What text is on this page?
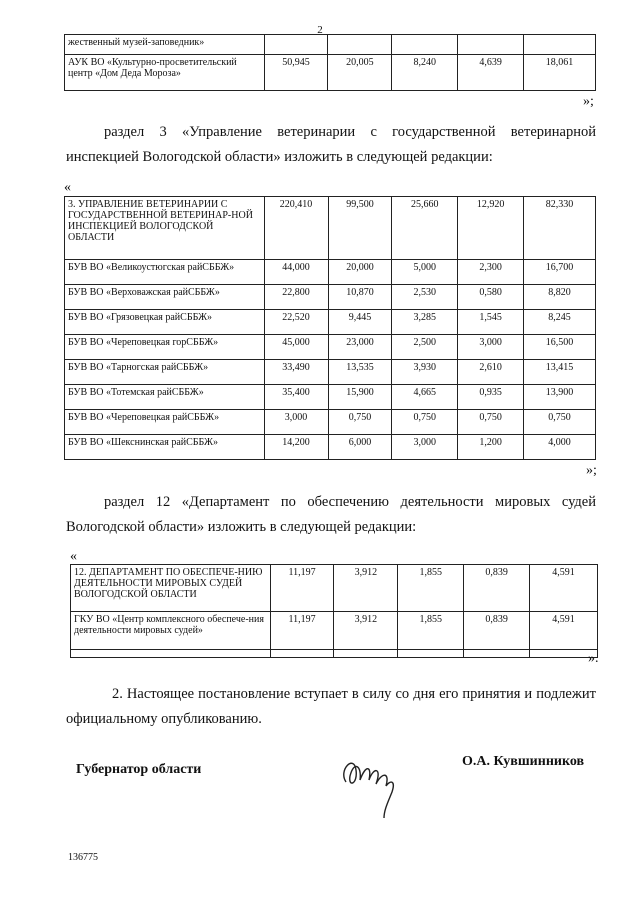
2
жественный музей-заповедник»					
АУК ВО «Культурно-просветительский центр «Дом Деда Мороза»	50,945	20,005	8,240	4,639	18,061
»;
раздел 3 «Управление ветеринарии с государственной ветеринарной инспекцией Вологодской области» изложить в следующей редакции:
«
3. УПРАВЛЕНИЕ ВЕТЕРИНАРИИ С ГОСУДАРСТВЕННОЙ ВЕТЕРИНАР-НОЙ ИНСПЕКЦИЕЙ ВОЛОГОДСКОЙ ОБЛАСТИ	220,410	99,500	25,660	12,920	82,330
БУВ ВО «Великоустюгская райСББЖ»	44,000	20,000	5,000	2,300	16,700
БУВ ВО «Верховажская райСББЖ»	22,800	10,870	2,530	0,580	8,820
БУВ ВО «Грязовецкая райСББЖ»	22,520	9,445	3,285	1,545	8,245
БУВ ВО «Череповецкая горСББЖ»	45,000	23,000	2,500	3,000	16,500
БУВ ВО «Тарногская райСББЖ»	33,490	13,535	3,930	2,610	13,415
БУВ ВО «Тотемская райСББЖ»	35,400	15,900	4,665	0,935	13,900
БУВ ВО «Череповецкая райСББЖ»	3,000	0,750	0,750	0,750	0,750
БУВ ВО «Шекснинская райСББЖ»	14,200	6,000	3,000	1,200	4,000
»;
раздел 12 «Департамент по обеспечению деятельности мировых судей Вологодской области» изложить в следующей редакции:
«
12. ДЕПАРТАМЕНТ ПО ОБЕСПЕЧЕ-НИЮ ДЕЯТЕЛЬНОСТИ МИРОВЫХ СУДЕЙ ВОЛОГОДСКОЙ ОБЛАСТИ	11,197	3,912	1,855	0,839	4,591
ГКУ ВО «Центр комплексного обеспече-ния деятельности мировых судей»	11,197	3,912	1,855	0,839	4,591

».
2. Настоящее постановление вступает в силу со дня его принятия и подлежит официальному опубликованию.
Губернатор области
О.А. Кувшинников
136775
